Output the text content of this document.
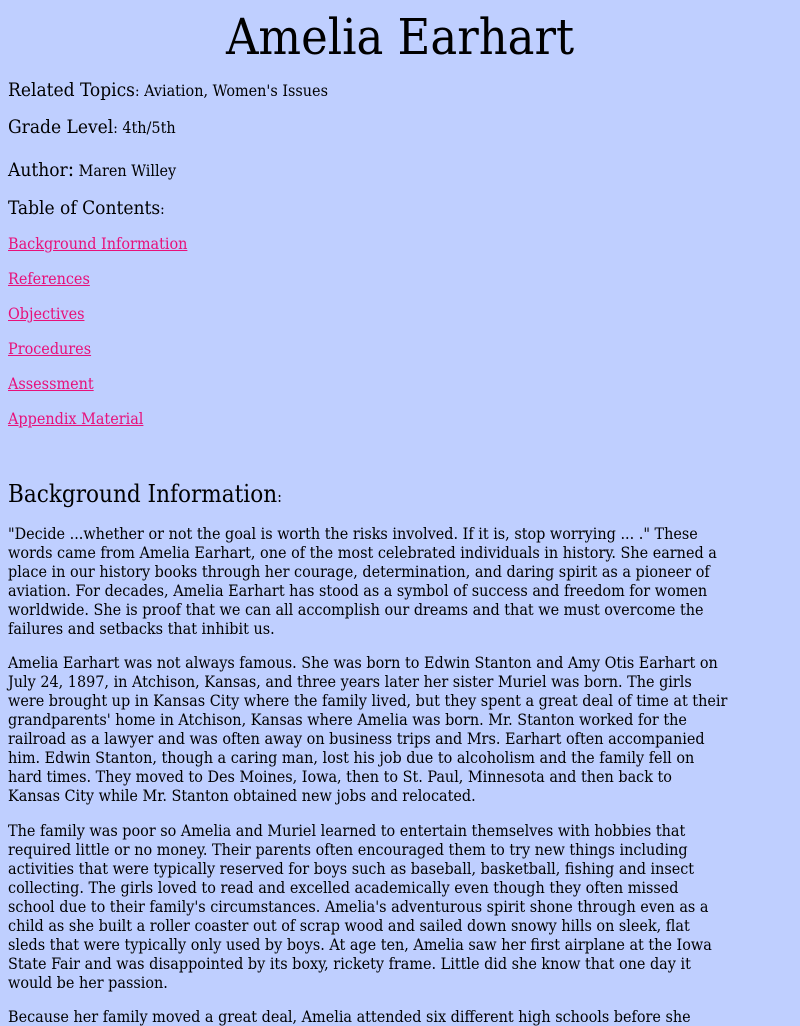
Amelia Earhart
Related Topics: Aviation, Women's Issues
Grade Level: 4th/5th
Author: Maren Willey
Table of Contents:
Background Information
References
Objectives
Procedures
Assessment
Appendix Material
Background Information:
"Decide ...whether or not the goal is worth the risks involved. If it is, stop worrying ... ." These
words came from Amelia Earhart, one of the most celebrated individuals in history. She earned a
place in our history books through her courage, determination, and daring spirit as a pioneer of
aviation. For decades, Amelia Earhart has stood as a symbol of success and freedom for women
worldwide. She is proof that we can all accomplish our dreams and that we must overcome the
failures and setbacks that inhibit us.
Amelia Earhart was not always famous. She was born to Edwin Stanton and Amy Otis Earhart on
July 24, 1897, in Atchison, Kansas, and three years later her sister Muriel was born. The girls
were brought up in Kansas City where the family lived, but they spent a great deal of time at their
grandparents' home in Atchison, Kansas where Amelia was born. Mr. Stanton worked for the
railroad as a lawyer and was often away on business trips and Mrs. Earhart often accompanied
him. Edwin Stanton, though a caring man, lost his job due to alcoholism and the family fell on
hard times. They moved to Des Moines, Iowa, then to St. Paul, Minnesota and then back to
Kansas City while Mr. Stanton obtained new jobs and relocated.
The family was poor so Amelia and Muriel learned to entertain themselves with hobbies that
required little or no money. Their parents often encouraged them to try new things including
activities that were typically reserved for boys such as baseball, basketball, fishing and insect
collecting. The girls loved to read and excelled academically even though they often missed
school due to their family's circumstances. Amelia's adventurous spirit shone through even as a
child as she built a roller coaster out of scrap wood and sailed down snowy hills on sleek, flat
sleds that were typically only used by boys. At age ten, Amelia saw her first airplane at the Iowa
State Fair and was disappointed by its boxy, rickety frame. Little did she know that one day it
would be her passion.
Because her family moved a great deal, Amelia attended six different high schools before she
